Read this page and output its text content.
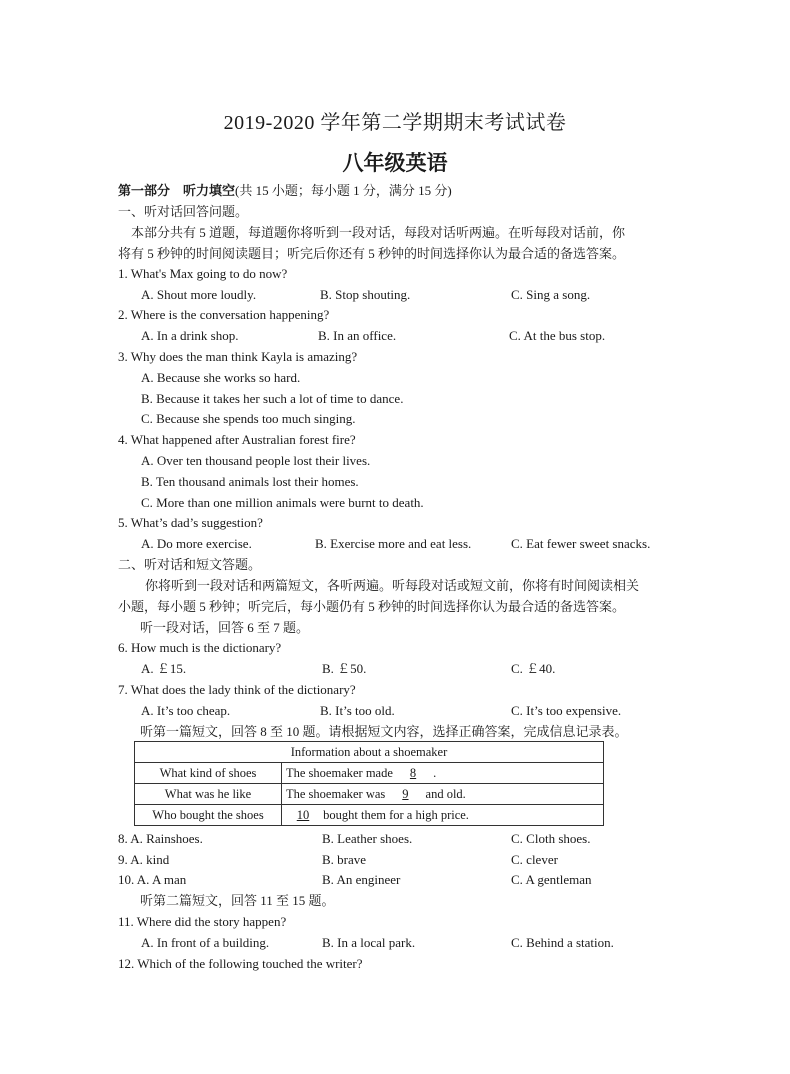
2019-2020 学年第二学期期末考试试卷
八年级英语
第一部分　听力填空(共 15 小题；每小题 1 分，满分 15 分)
一、听对话回答问题。
　本部分共有 5 道题，每道题你将听到一段对话，每段对话听两遍。在听每段对话前，你
将有 5 秒钟的时间阅读题目；听完后你还有 5 秒钟的时间选择你认为最合适的备选答案。
1. What's Max going to do now?
A. Shout more loudly.	B. Stop shouting.	C. Sing a song.
2. Where is the conversation happening?
A. In a drink shop.	B. In an office.	C. At the bus stop.
3. Why does the man think Kayla is amazing?
A. Because she works so hard.
B. Because it takes her such a lot of time to dance.
C. Because she spends too much singing.
4. What happened after Australian forest fire?
A. Over ten thousand people lost their lives.
B. Ten thousand animals lost their homes.
C. More than one million animals were burnt to death.
5. What’s dad’s suggestion?
A. Do more exercise.	B. Exercise more and eat less.	C. Eat fewer sweet snacks.
二、听对话和短文答题。
你将听到一段对话和两篇短文，各听两遍。听每段对话或短文前，你将有时间阅读相关
小题，每小题 5 秒钟；听完后，每小题仍有 5 秒钟的时间选择你认为最合适的备选答案。
听一段对话，回答 6 至 7 题。
6. How much is the dictionary?
A. ￡15.	B. ￡50.	C. ￡40.
7. What does the lady think of the dictionary?
A. It’s too cheap.	B. It’s too old.	C. It’s too expensive.
听第一篇短文，回答 8 至 10 题。请根据短文内容，选择正确答案，完成信息记录表。
Information about a shoemaker	
What kind of shoes	The shoemaker made 8 .
What was he like	The shoemaker was 9 and old.
Who bought the shoes	10 bought them for a high price.
8. A. Rainshoes.	B. Leather shoes.	C. Cloth shoes.
9. A. kind	B. brave	C. clever
10. A. A man	B. An engineer	C. A gentleman
听第二篇短文，回答 11 至 15 题。
11. Where did the story happen?
A. In front of a building.	B. In a local park.	C. Behind a station.
12. Which of the following touched the writer?
